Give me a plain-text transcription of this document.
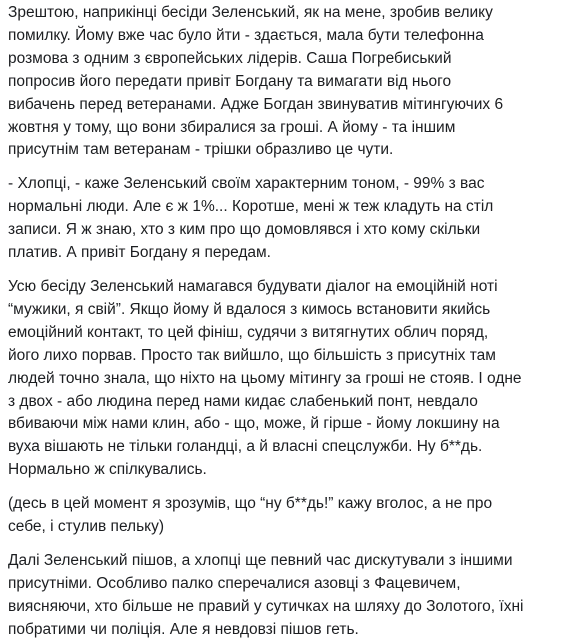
Зрештою, наприкінці бесіди Зеленський, як на мене, зробив велику
помилку. Йому вже час було йти - здається, мала бути телефонна
розмова з одним з європейських лідерів. Саша Погребиський
попросив його передати привіт Богдану та вимагати від нього
вибачень перед ветеранами. Адже Богдан звинуватив мітингуючих 6
жовтня у тому, що вони збиралися за гроші. А йому - та іншим
присутнім там ветеранам - трішки образливо це чути.

- Хлопці, - каже Зеленський своїм характерним тоном, - 99% з вас
нормальні люди. Але є ж 1%... Коротше, мені ж теж кладуть на стіл
записи. Я ж знаю, хто з ким про що домовлявся і хто кому скільки
платив. А привіт Богдану я передам.

Усю бесіду Зеленський намагався будувати діалог на емоційній ноті
“мужики, я свій”. Якщо йому й вдалося з кимось встановити якийсь
емоційний контакт, то цей фініш, судячи з витягнутих облич поряд,
його лихо порвав. Просто так вийшло, що більшість з присутніх там
людей точно знала, що ніхто на цьому мітингу за гроші не стояв. І одне
з двох - або людина перед нами кидає слабенький понт, невдало
вбиваючи між нами клин, або - що, може, й гірше - йому локшину на
вуха вішають не тільки голандці, а й власні спецслужби. Ну б**дь.
Нормально ж спілкувались.

(десь в цей момент я зрозумів, що “ну б**дь!” кажу вголос, а не про
себе, і стулив пельку)

Далі Зеленський пішов, а хлопці ще певний час дискутували з іншими
присутніми. Особливо палко сперечалися азовці з Фацевичем,
виясняючи, хто більше не правий у сутичках на шляху до Золотого, їхні
побратими чи поліція. Але я невдовзі пішов геть.
